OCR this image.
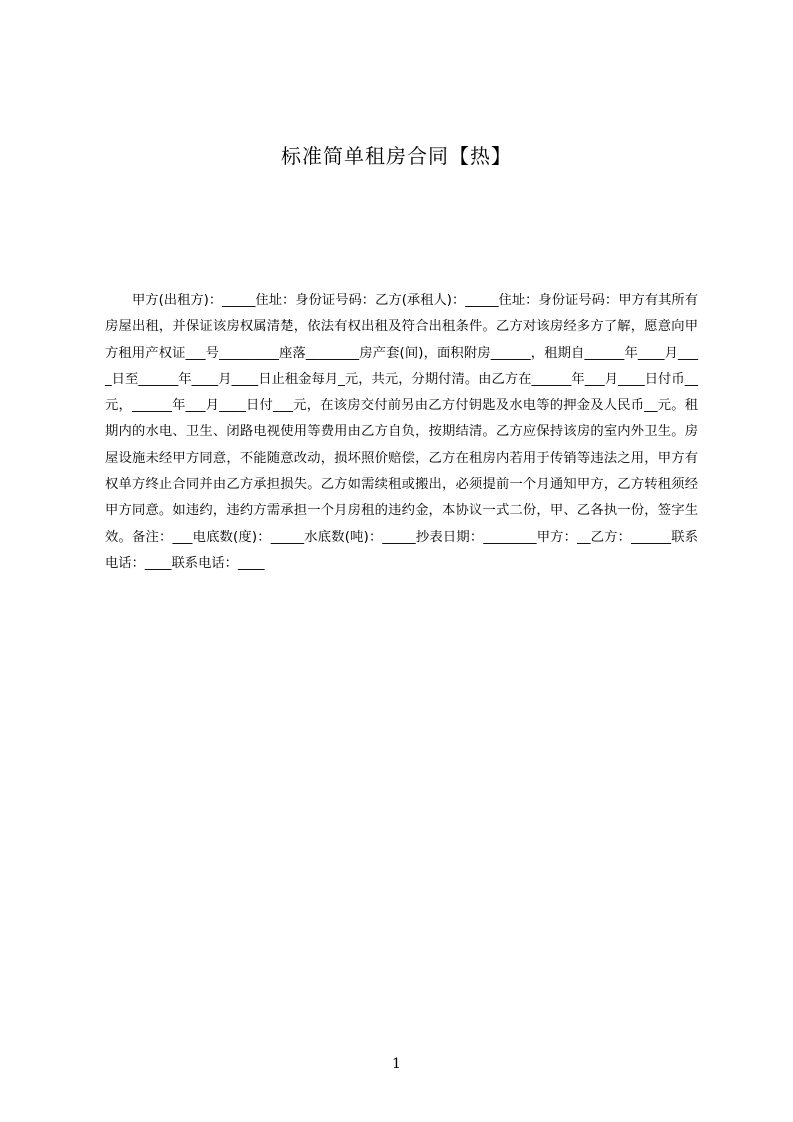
标准简单租房合同【热】

甲方(出租方)：_____住址：身份证号码：乙方(承租人)：_____住址：身份证号码：甲方有其所有房屋出租，并保证该房权属清楚，依法有权出租及符合出租条件。乙方对该房经多方了解，愿意向甲方租用产权证___号_________座落________房产套(间)，面积附房______，租期自______年____月____日至______年____月____日止租金每月_元，共元，分期付清。由乙方在______年___月____日付币__元，______年___月____日付___元，在该房交付前另由乙方付钥匙及水电等的押金及人民币__元。租期内的水电、卫生、闭路电视使用等费用由乙方自负，按期结清。乙方应保持该房的室内外卫生。房屋设施未经甲方同意，不能随意改动，损坏照价赔偿，乙方在租房内若用于传销等违法之用，甲方有权单方终止合同并由乙方承担损失。乙方如需续租或搬出，必须提前一个月通知甲方，乙方转租须经甲方同意。如违约，违约方需承担一个月房租的违约金，本协议一式二份，甲、乙各执一份，签字生效。备注：___电底数(度)：_____水底数(吨)：_____抄表日期：________甲方：__乙方：______联系电话：____联系电话：____

1
